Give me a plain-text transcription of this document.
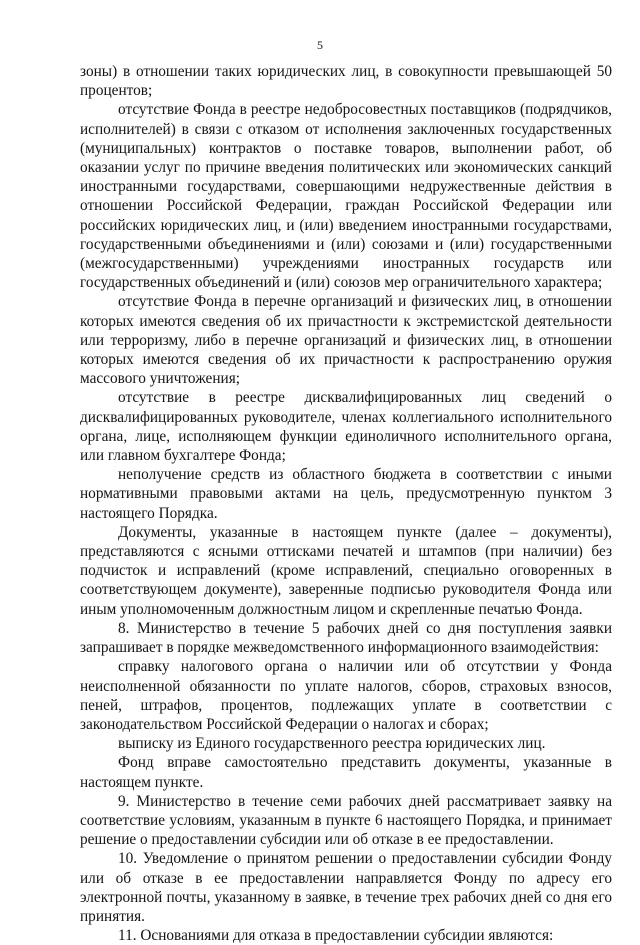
5

зоны) в отношении таких юридических лиц, в совокупности превышающей 50 процентов;

отсутствие Фонда в реестре недобросовестных поставщиков (подрядчиков, исполнителей) в связи с отказом от исполнения заключенных государственных (муниципальных) контрактов о поставке товаров, выполнении работ, об оказании услуг по причине введения политических или экономических санкций иностранными государствами, совершающими недружественные действия в отношении Российской Федерации, граждан Российской Федерации или российских юридических лиц, и (или) введением иностранными государствами, государственными объединениями и (или) союзами и (или) государственными (межгосударственными) учреждениями иностранных государств или государственных объединений и (или) союзов мер ограничительного характера;

отсутствие Фонда в перечне организаций и физических лиц, в отношении которых имеются сведения об их причастности к экстремистской деятельности или терроризму, либо в перечне организаций и физических лиц, в отношении которых имеются сведения об их причастности к распространению оружия массового уничтожения;

отсутствие в реестре дисквалифицированных лиц сведений о дисквалифицированных руководителе, членах коллегиального исполнительного органа, лице, исполняющем функции единоличного исполнительного органа, или главном бухгалтере Фонда;

неполучение средств из областного бюджета в соответствии с иными нормативными правовыми актами на цель, предусмотренную пунктом 3 настоящего Порядка.

Документы, указанные в настоящем пункте (далее – документы), представляются с ясными оттисками печатей и штампов (при наличии) без подчисток и исправлений (кроме исправлений, специально оговоренных в соответствующем документе), заверенные подписью руководителя Фонда или иным уполномоченным должностным лицом и скрепленные печатью Фонда.

8. Министерство в течение 5 рабочих дней со дня поступления заявки запрашивает в порядке межведомственного информационного взаимодействия:

справку налогового органа о наличии или об отсутствии у Фонда неисполненной обязанности по уплате налогов, сборов, страховых взносов, пеней, штрафов, процентов, подлежащих уплате в соответствии с законодательством Российской Федерации о налогах и сборах;

выписку из Единого государственного реестра юридических лиц.

Фонд вправе самостоятельно представить документы, указанные в настоящем пункте.

9. Министерство в течение семи рабочих дней рассматривает заявку на соответствие условиям, указанным в пункте 6 настоящего Порядка, и принимает решение о предоставлении субсидии или об отказе в ее предоставлении.

10. Уведомление о принятом решении о предоставлении субсидии Фонду или об отказе в ее предоставлении направляется Фонду по адресу его электронной почты, указанному в заявке, в течение трех рабочих дней со дня его принятия.

11. Основаниями для отказа в предоставлении субсидии являются:
